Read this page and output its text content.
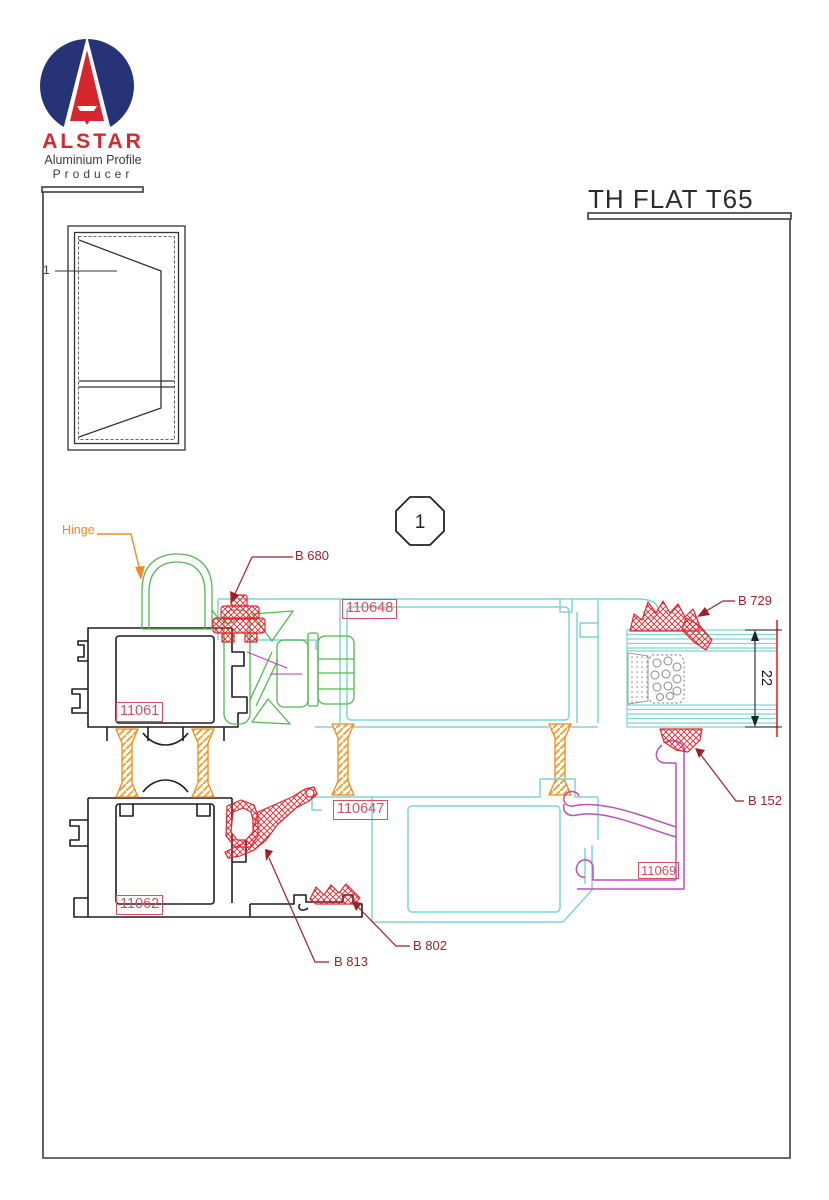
1
22
ALSTAR
Aluminium Profile
Producer
TH FLAT T65
1
Hinge
B 680
B 729
B 152
B 802
B 813
11061
11062
110648
110647
11069
